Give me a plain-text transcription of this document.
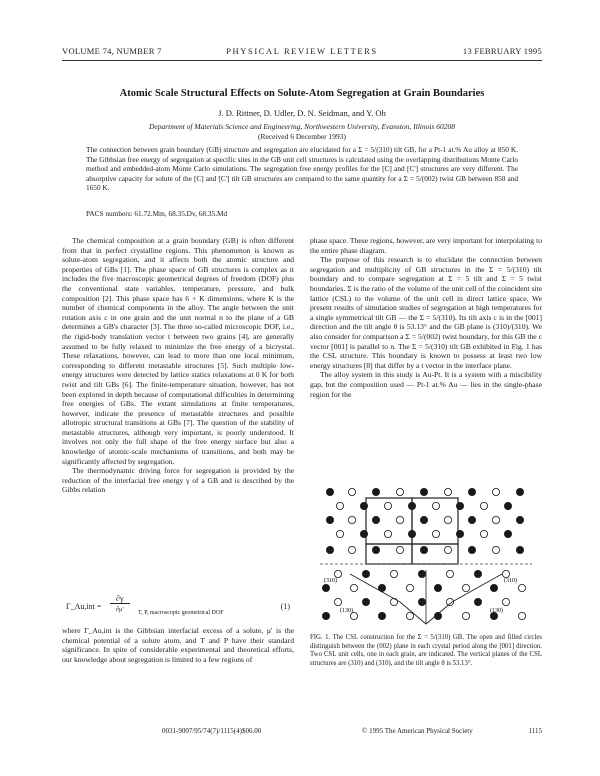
VOLUME 74, NUMBER 7	PHYSICAL REVIEW LETTERS	13 FEBRUARY 1995
Atomic Scale Structural Effects on Solute-Atom Segregation at Grain Boundaries
J. D. Rittner, D. Udler, D. N. Seidman, and Y. Oh
Department of Materials Science and Engineering, Northwestern University, Evanston, Illinois 60208
(Received 6 December 1993)
The connection between grain boundary (GB) structure and segregation are elucidated for a Σ = 5/(310) tilt GB, for a Pt-1 at.% Au alloy at 850 K. The Gibbsian free energy of segregation at specific sites in the GB unit cell structures is calculated using the overlapping distributions Monte Carlo method and embedded-atom Monte Carlo simulations. The segregation free energy profiles for the [C] and [C'] structures are very different. The absorptive capacity for solute of the [C] and [C'] tilt GB structures are compared to the same quantity for a Σ = 5/(002) twist GB between 850 and 1650 K.
PACS numbers: 61.72.Mm, 68.35.Dv, 68.35.Md

The chemical composition at a grain boundary (GB) is often different from that in perfect crystalline regions. This phenomenon is known as solute-atom segregation, and it affects both the atomic structure and properties of GBs [1]. The phase space of GB structures is complex as it includes the five macroscopic geometrical degrees of freedom (DOF) plus the conventional state variables, temperature, pressure, and bulk composition [2]. This phase space has 6 + K dimensions, where K is the number of chemical components in the alloy. The angle between the unit rotation axis c in one grain and the unit normal n to the plane of a GB determines a GB's character [3]. The three so-called microscopic DOF, i.e., the rigid-body translation vector t between two grains [4], are generally assumed to be fully relaxed to minimize the free energy of a bicrystal. These relaxations, however, can lead to more than one local minimum, corresponding to different metastable structures [5]. Such multiple low-energy structures were detected by lattice statics relaxations at 0 K for both twist and tilt GBs [6]. The finite-temperature situation, however, has not been explored in depth because of computational difficulties in determining free energies of GBs. The extant simulations at finite temperatures, however, indicate the presence of metastable structures and possible allotropic structural transitions at GBs [7]. The question of the stability of metastable structures, although very important, is poorly understood. It involves not only the full shape of the free energy surface but also a knowledge of atomic-scale mechanisms of transitions, and both may be significantly affected by segregation.

The thermodynamic driving force for segregation is provided by the reduction of the interfacial free energy γ of a GB and is described by the Gibbs relation

Γ_Au,int =
∂γ
∂μ'	T, P, macroscopic geometrical DOF
(1)

where Γ_Au,int is the Gibbsian interfacial excess of a solute, μ' is the chemical potential of a solute atom, and T and P have their standard significance. In spite of considerable experimental and theoretical efforts, our knowledge about segregation is limited to a few regions of

phase space. These regions, however, are very important for interpolating to the entire phase diagram.

The purpose of this research is to elucidate the connection between segregation and multiplicity of GB structures in the Σ = 5/(310) tilt boundary and to compare segregation at Σ = 5 tilt and Σ = 5 twist boundaries. Σ is the ratio of the volume of the unit cell of the coincident site lattice (CSL) to the volume of the unit cell in direct lattice space. We present results of simulation studies of segregation at high temperatures for a single symmetrical tilt GB — the Σ = 5/(310). Its tilt axis c is in the [001] direction and the tilt angle θ is 53.13° and the GB plane is (310)/(310). We also consider for comparison a Σ = 5/(002) twist boundary, for this GB the c vector [001] is parallel to n. The Σ = 5/(310) tilt GB exhibited in Fig. 1 has the CSL structure. This boundary is known to possess at least two low energy structures [8] that differ by a t vector in the interface plane.

The alloy system in this study is Au-Pt. It is a system with a miscibility gap, but the composition used — Pt-1 at.% Au — lies in the single-phase region for the

(310)	(310)
(130)	(130)
FIG. 1. The CSL construction for the Σ = 5/(310) GB. The open and filled circles distinguish between the (002) plane in each crystal period along the [001] direction. Two CSL unit cells, one in each grain, are indicated. The vertical planes of the CSL structures are (310) and (310), and the tilt angle θ is 53.13°.
0031-9007/95/74(7)/1115(4)$06.00	© 1995 The American Physical Society	1115
